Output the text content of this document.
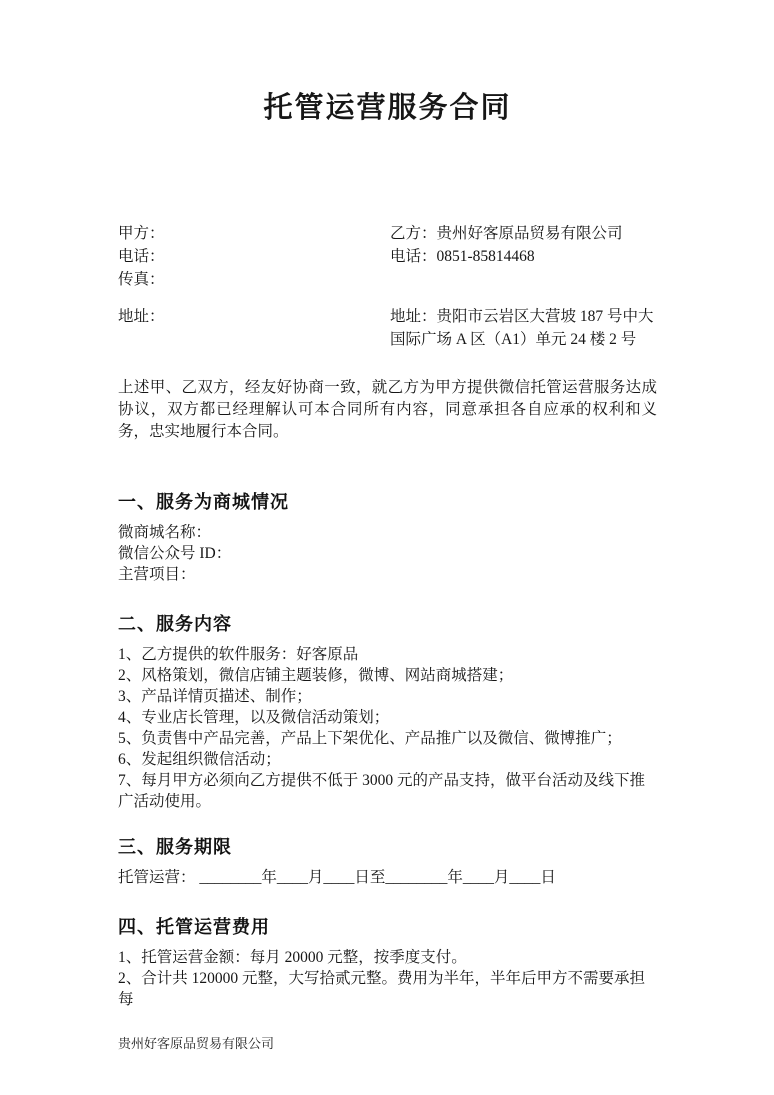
托管运营服务合同
甲方：
电话：
传真：
地址：
乙方：贵州好客原品贸易有限公司
电话：0851-85814468
地址：贵阳市云岩区大营坡 187 号中大
国际广场 A 区（A1）单元 24 楼 2 号

上述甲、乙双方，经友好协商一致，就乙方为甲方提供微信托管运营服务达成协议，双方都已经理解认可本合同所有内容，同意承担各自应承的权利和义务，忠实地履行本合同。

一、服务为商城情况
微商城名称：
微信公众号 ID：
主营项目：
二、服务内容
1、乙方提供的软件服务：好客原品
2、风格策划，微信店铺主题装修，微博、网站商城搭建；
3、产品详情页描述、制作；
4、专业店长管理，以及微信活动策划；
5、负责售中产品完善，产品上下架优化、产品推广以及微信、微博推广；
6、发起组织微信活动；
7、每月甲方必须向乙方提供不低于 3000 元的产品支持，做平台活动及线下推广活动使用。
三、服务期限
托管运营： ________年____月____日至________年____月____日
四、托管运营费用
1、托管运营金额：每月 20000 元整，按季度支付。
2、合计共 120000 元整，大写拾贰元整。费用为半年，半年后甲方不需要承担每
贵州好客原品贸易有限公司
